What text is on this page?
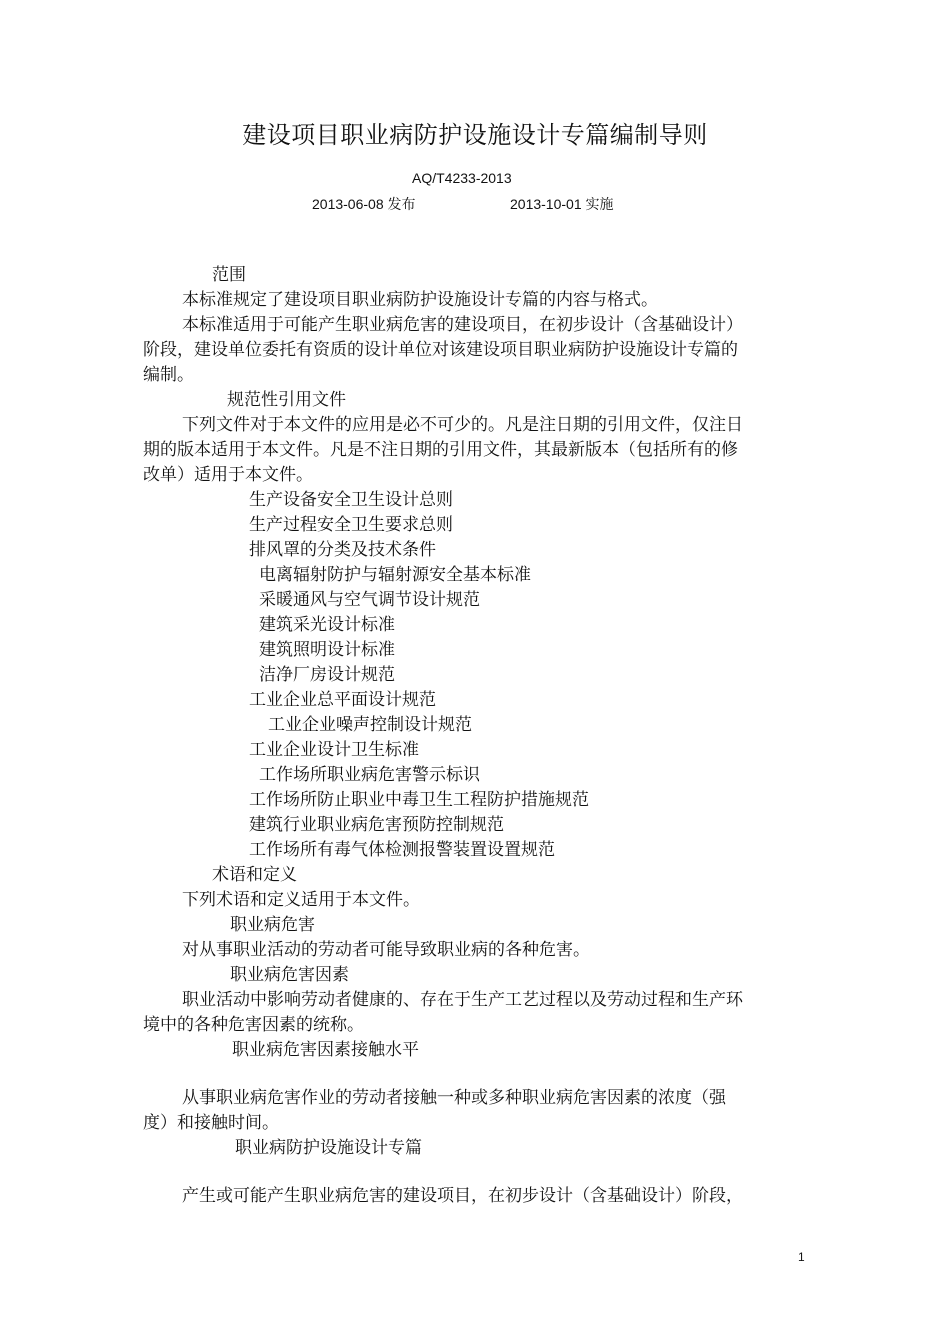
建设项目职业病防护设施设计专篇编制导则
AQ/T4233-2013
2013-06-08 发布	2013-10-01 实施
范围
本标准规定了建设项目职业病防护设施设计专篇的内容与格式。
本标准适用于可能产生职业病危害的建设项目，在初步设计（含基础设计）
阶段，建设单位委托有资质的设计单位对该建设项目职业病防护设施设计专篇的
编制。
规范性引用文件
下列文件对于本文件的应用是必不可少的。凡是注日期的引用文件，仅注日
期的版本适用于本文件。凡是不注日期的引用文件，其最新版本（包括所有的修
改单）适用于本文件。
生产设备安全卫生设计总则
生产过程安全卫生要求总则
排风罩的分类及技术条件
电离辐射防护与辐射源安全基本标准
采暖通风与空气调节设计规范
建筑采光设计标准
建筑照明设计标准
洁净厂房设计规范
工业企业总平面设计规范
工业企业噪声控制设计规范
工业企业设计卫生标准
工作场所职业病危害警示标识
工作场所防止职业中毒卫生工程防护措施规范
建筑行业职业病危害预防控制规范
工作场所有毒气体检测报警装置设置规范
术语和定义
下列术语和定义适用于本文件。
职业病危害
对从事职业活动的劳动者可能导致职业病的各种危害。
职业病危害因素
职业活动中影响劳动者健康的、存在于生产工艺过程以及劳动过程和生产环
境中的各种危害因素的统称。
职业病危害因素接触水平
从事职业病危害作业的劳动者接触一种或多种职业病危害因素的浓度（强
度）和接触时间。
职业病防护设施设计专篇
产生或可能产生职业病危害的建设项目，在初步设计（含基础设计）阶段，
1
